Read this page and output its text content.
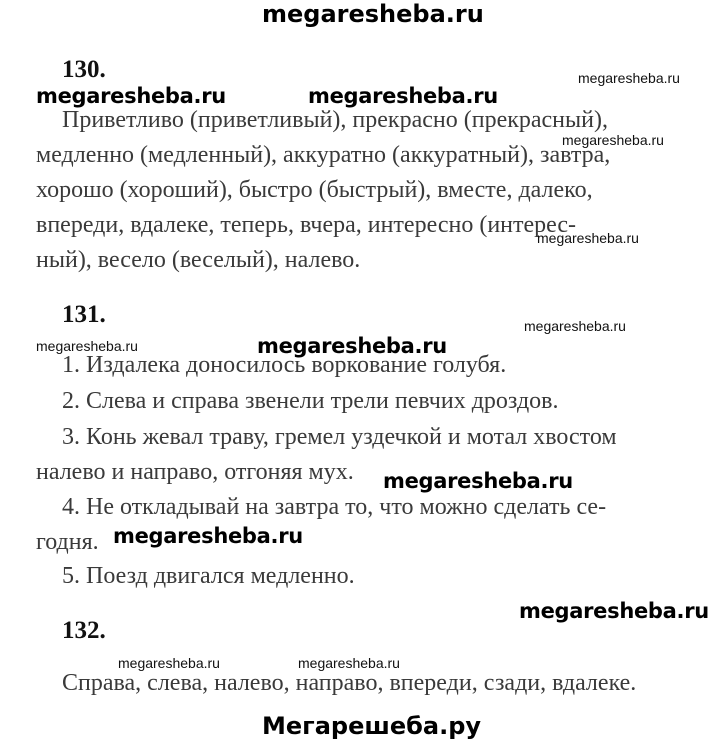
megaresheba.ru
130.
Приветливо (приветливый), прекрасно (прекрасный),
медленно (медленный), аккуратно (аккуратный), завтра,
хорошо (хороший), быстро (быстрый), вместе, далеко,
впереди, вдалеке, теперь, вчера, интересно (интерес-
ный), весело (веселый), налево.
131.
1. Издалека доносилось воркование голубя.
2. Слева и справа звенели трели певчих дроздов.
3. Конь жевал траву, гремел уздечкой и мотал хвостом
налево и направо, отгоняя мух.
4. Не откладывай на завтра то, что можно сделать се-
годня.
5. Поезд двигался медленно.
132.
Справа, слева, налево, направо, впереди, сзади, вдалеке.
megaresheba.ru	megaresheba.ru
megaresheba.ru
megaresheba.ru
megaresheba.ru
megaresheba.ru
megaresheba.ru
megaresheba.ru
megaresheba.ru
megaresheba.ru
megaresheba.ru
megaresheba.ru	megaresheba.ru
Мегарешеба.ру
